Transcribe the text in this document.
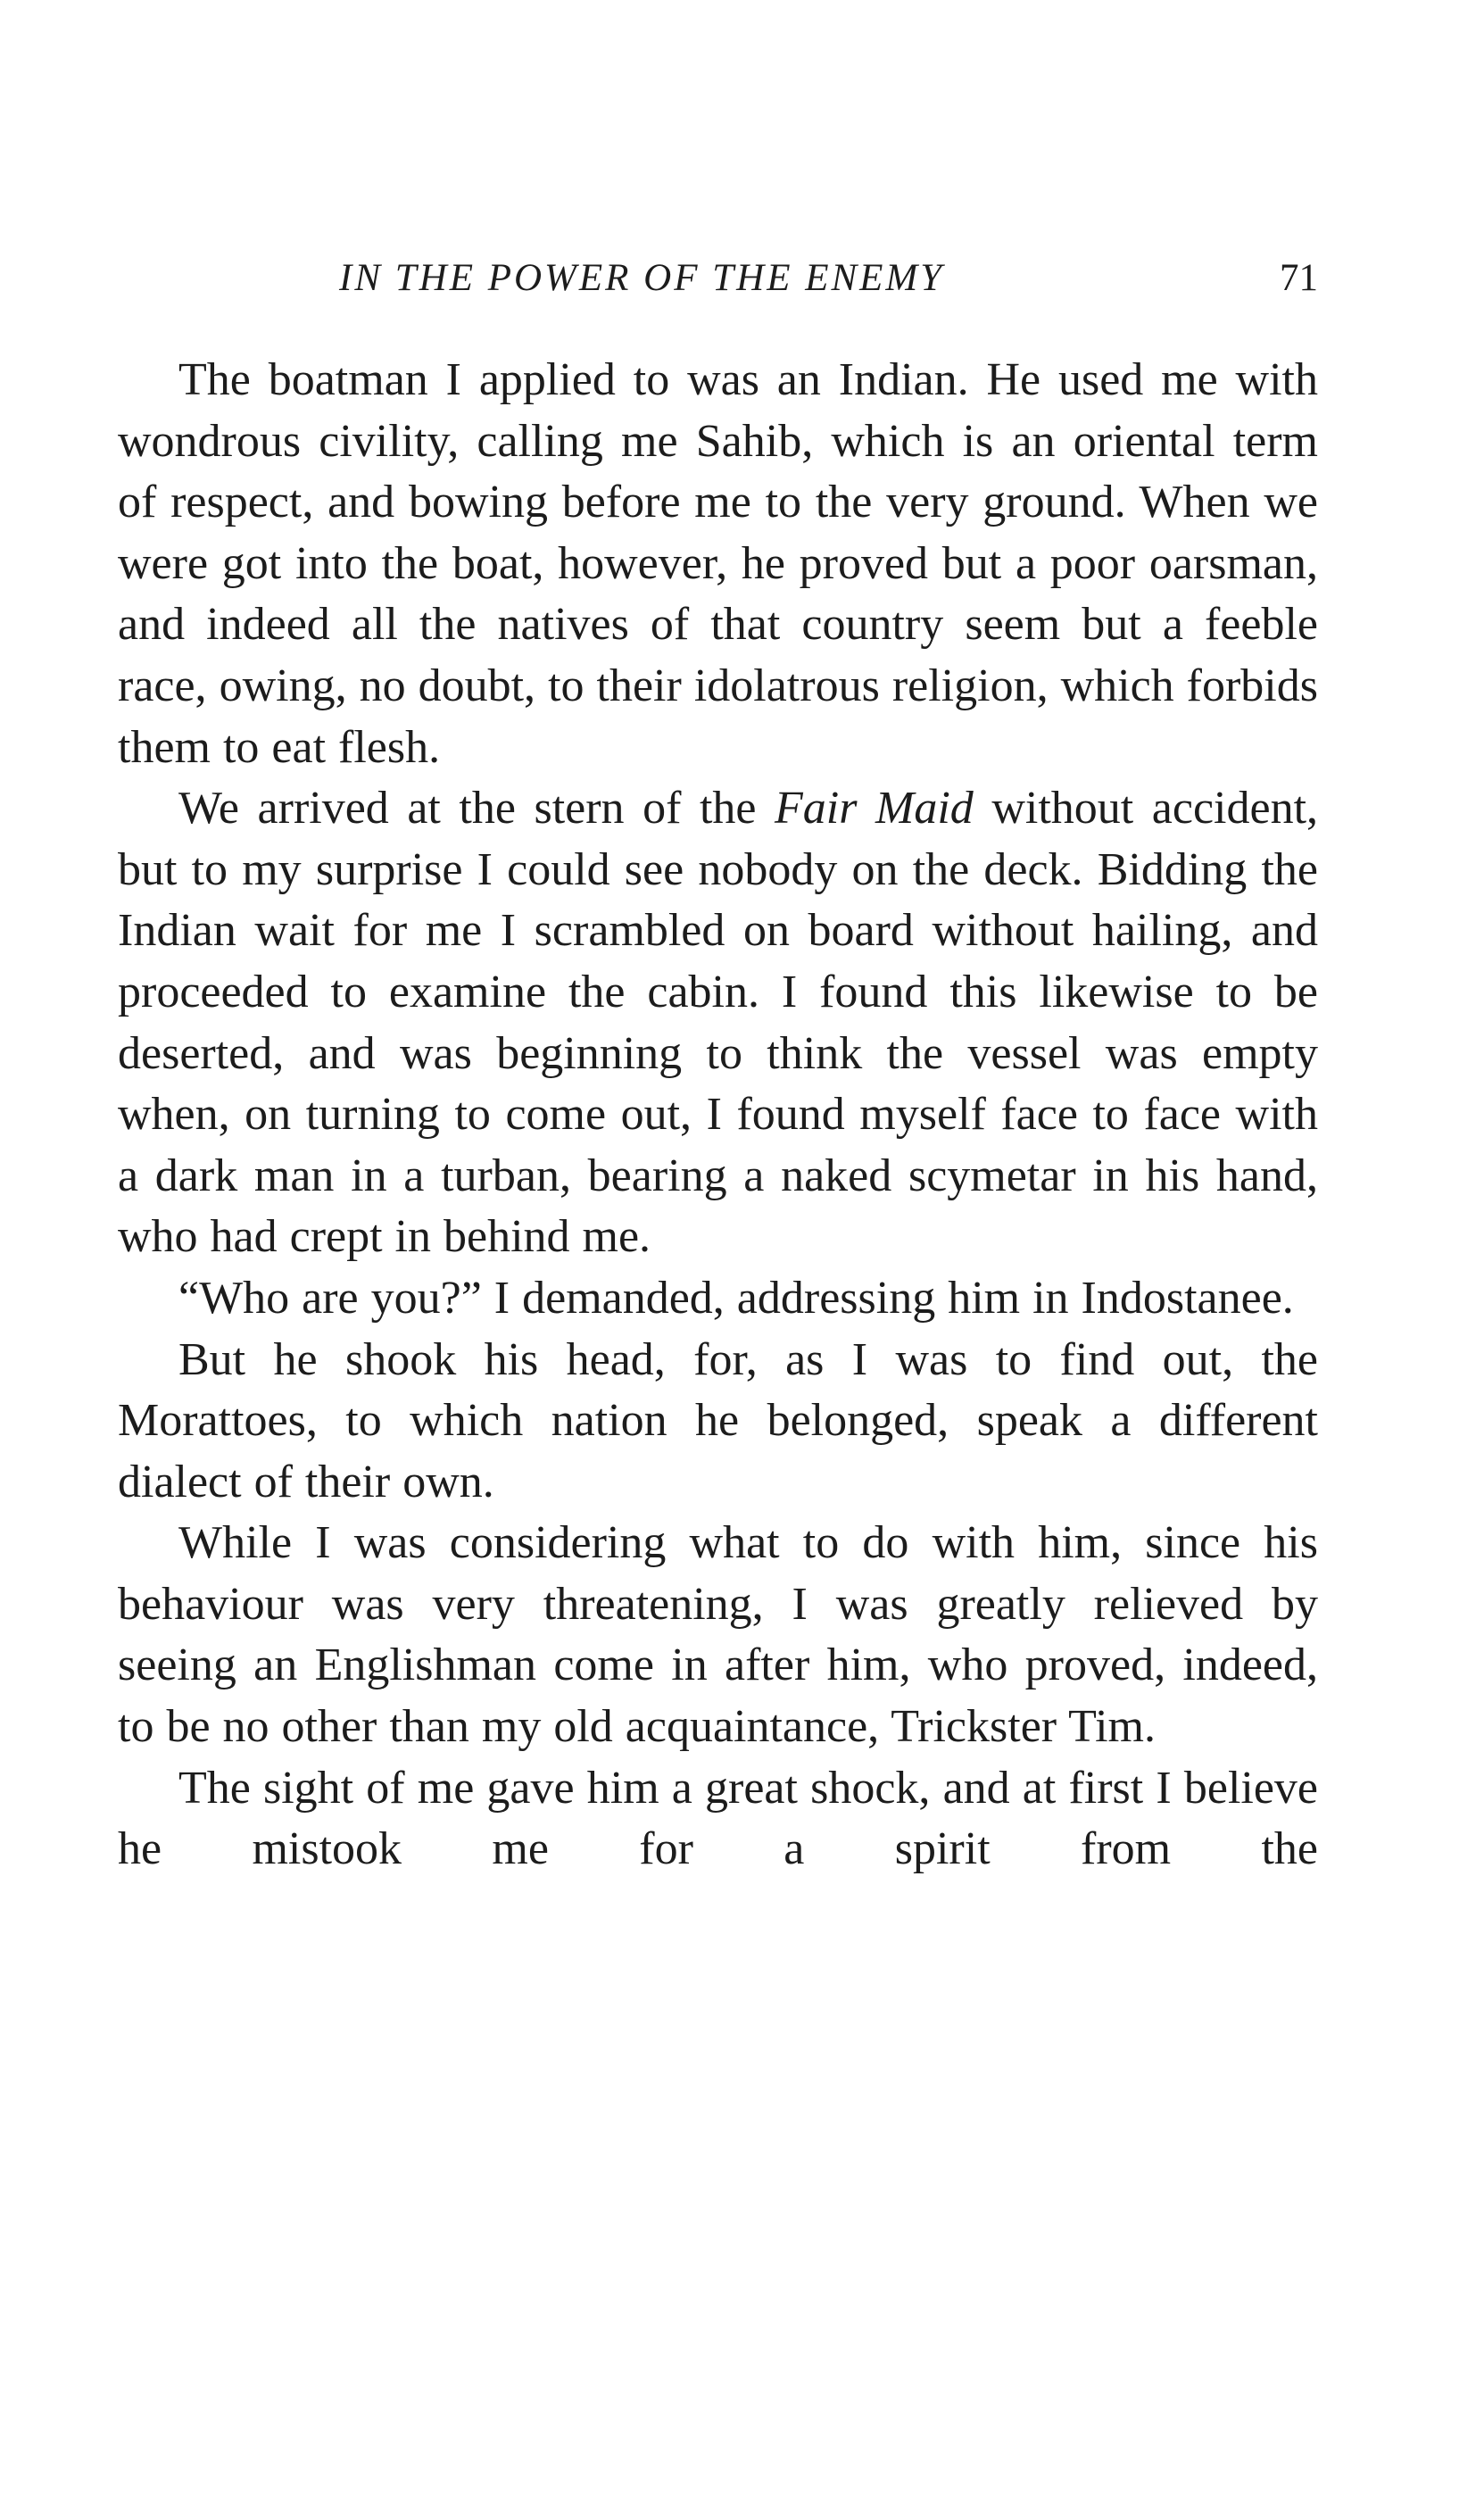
IN THE POWER OF THE ENEMY	71

The boatman I applied to was an Indian. He used me with wondrous civility, calling me Sahib, which is an oriental term of respect, and bowing before me to the very ground. When we were got into the boat, however, he proved but a poor oarsman, and indeed all the natives of that country seem but a feeble race, owing, no doubt, to their idolatrous religion, which forbids them to eat flesh.

We arrived at the stern of the Fair Maid without accident, but to my surprise I could see nobody on the deck. Bidding the Indian wait for me I scrambled on board without hailing, and proceeded to examine the cabin. I found this likewise to be deserted, and was beginning to think the vessel was empty when, on turning to come out, I found myself face to face with a dark man in a turban, bearing a naked scymetar in his hand, who had crept in behind me.

“Who are you?” I demanded, addressing him in Indostanee.

But he shook his head, for, as I was to find out, the Morattoes, to which nation he belonged, speak a different dialect of their own.

While I was considering what to do with him, since his behaviour was very threatening, I was greatly relieved by seeing an Englishman come in after him, who proved, indeed, to be no other than my old acquaintance, Trickster Tim.

The sight of me gave him a great shock, and at first I believe he mistook me for a spirit from the
